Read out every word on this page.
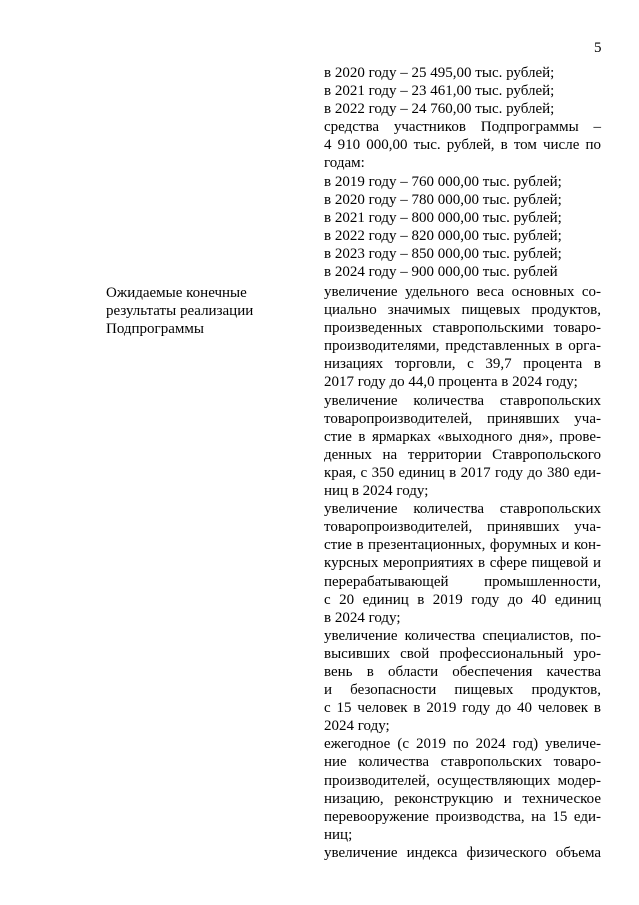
5
в 2020 году – 25 495,00 тыс. рублей;
в 2021 году – 23 461,00 тыс. рублей;
в 2022 году – 24 760,00 тыс. рублей;
средства участников Подпрограммы –
4 910 000,00 тыс. рублей, в том числе по
годам:
в 2019 году – 760 000,00 тыс. рублей;
в 2020 году – 780 000,00 тыс. рублей;
в 2021 году – 800 000,00 тыс. рублей;
в 2022 году – 820 000,00 тыс. рублей;
в 2023 году – 850 000,00 тыс. рублей;
в 2024 году – 900 000,00 тыс. рублей
Ожидаемые конечные
результаты реализации
Подпрограммы
увеличение удельного веса основных со-
циально значимых пищевых продуктов,
произведенных ставропольскими товаро-
производителями, представленных в орга-
низациях торговли, с 39,7 процента в
2017 году до 44,0 процента в 2024 году;
увеличение количества ставропольских
товаропроизводителей, принявших уча-
стие в ярмарках «выходного дня», прове-
денных на территории Ставропольского
края, с 350 единиц в 2017 году до 380 еди-
ниц в 2024 году;
увеличение количества ставропольских
товаропроизводителей, принявших уча-
стие в презентационных, форумных и кон-
курсных мероприятиях в сфере пищевой и
перерабатывающей промышленности,
с 20 единиц в 2019 году до 40 единиц
в 2024 году;
увеличение количества специалистов, по-
высивших свой профессиональный уро-
вень в области обеспечения качества
и безопасности пищевых продуктов,
с 15 человек в 2019 году до 40 человек в
2024 году;
ежегодное (с 2019 по 2024 год) увеличе-
ние количества ставропольских товаро-
производителей, осуществляющих модер-
низацию, реконструкцию и техническое
перевооружение производства, на 15 еди-
ниц;
увеличение индекса физического объема
